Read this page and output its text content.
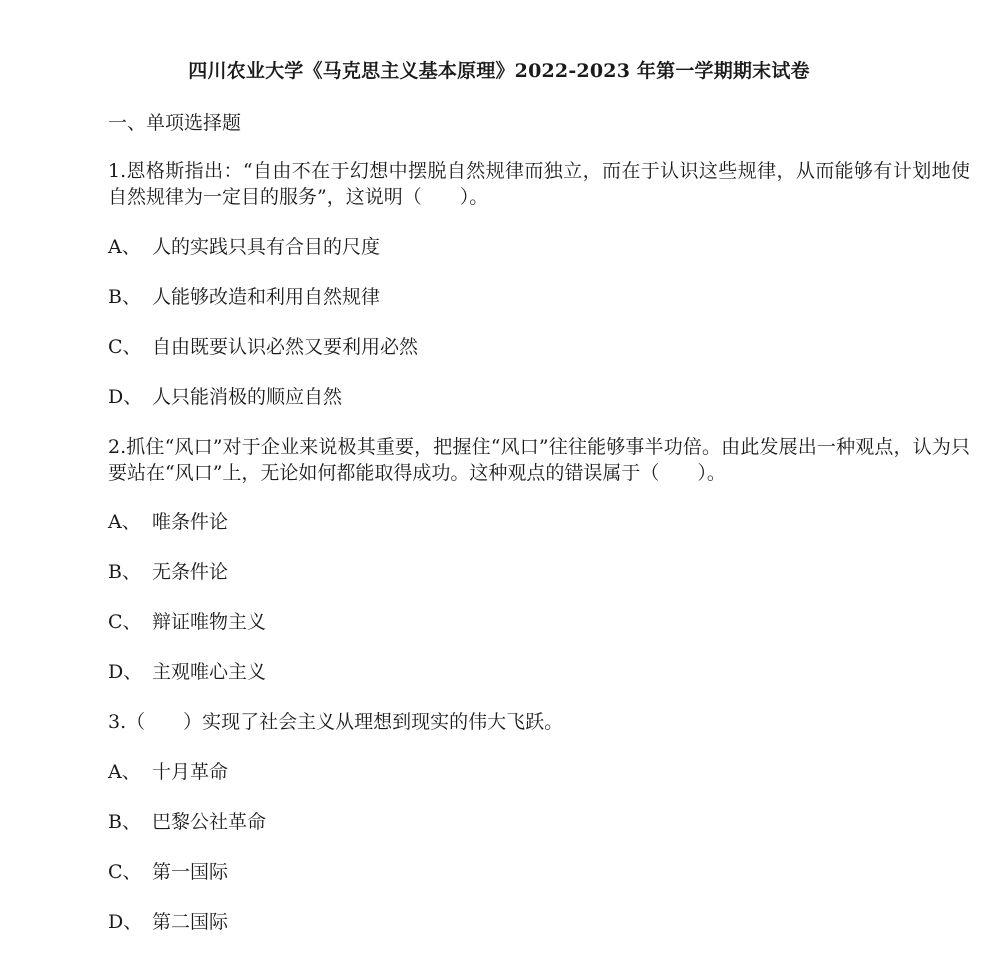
四川农业大学《马克思主义基本原理》2022-2023 年第一学期期末试卷
一、单项选择题
1.恩格斯指出：“自由不在于幻想中摆脱自然规律而独立，而在于认识这些规律，从而能够有计划地使自然规律为一定目的服务”，这说明（　　）。
A、 人的实践只具有合目的尺度
B、 人能够改造和利用自然规律
C、 自由既要认识必然又要利用必然
D、 人只能消极的顺应自然
2.抓住“风口”对于企业来说极其重要，把握住“风口”往往能够事半功倍。由此发展出一种观点，认为只要站在“风口”上，无论如何都能取得成功。这种观点的错误属于（　　）。
A、 唯条件论
B、 无条件论
C、 辩证唯物主义
D、 主观唯心主义
3.（　　）实现了社会主义从理想到现实的伟大飞跃。
A、 十月革命
B、 巴黎公社革命
C、 第一国际
D、 第二国际
